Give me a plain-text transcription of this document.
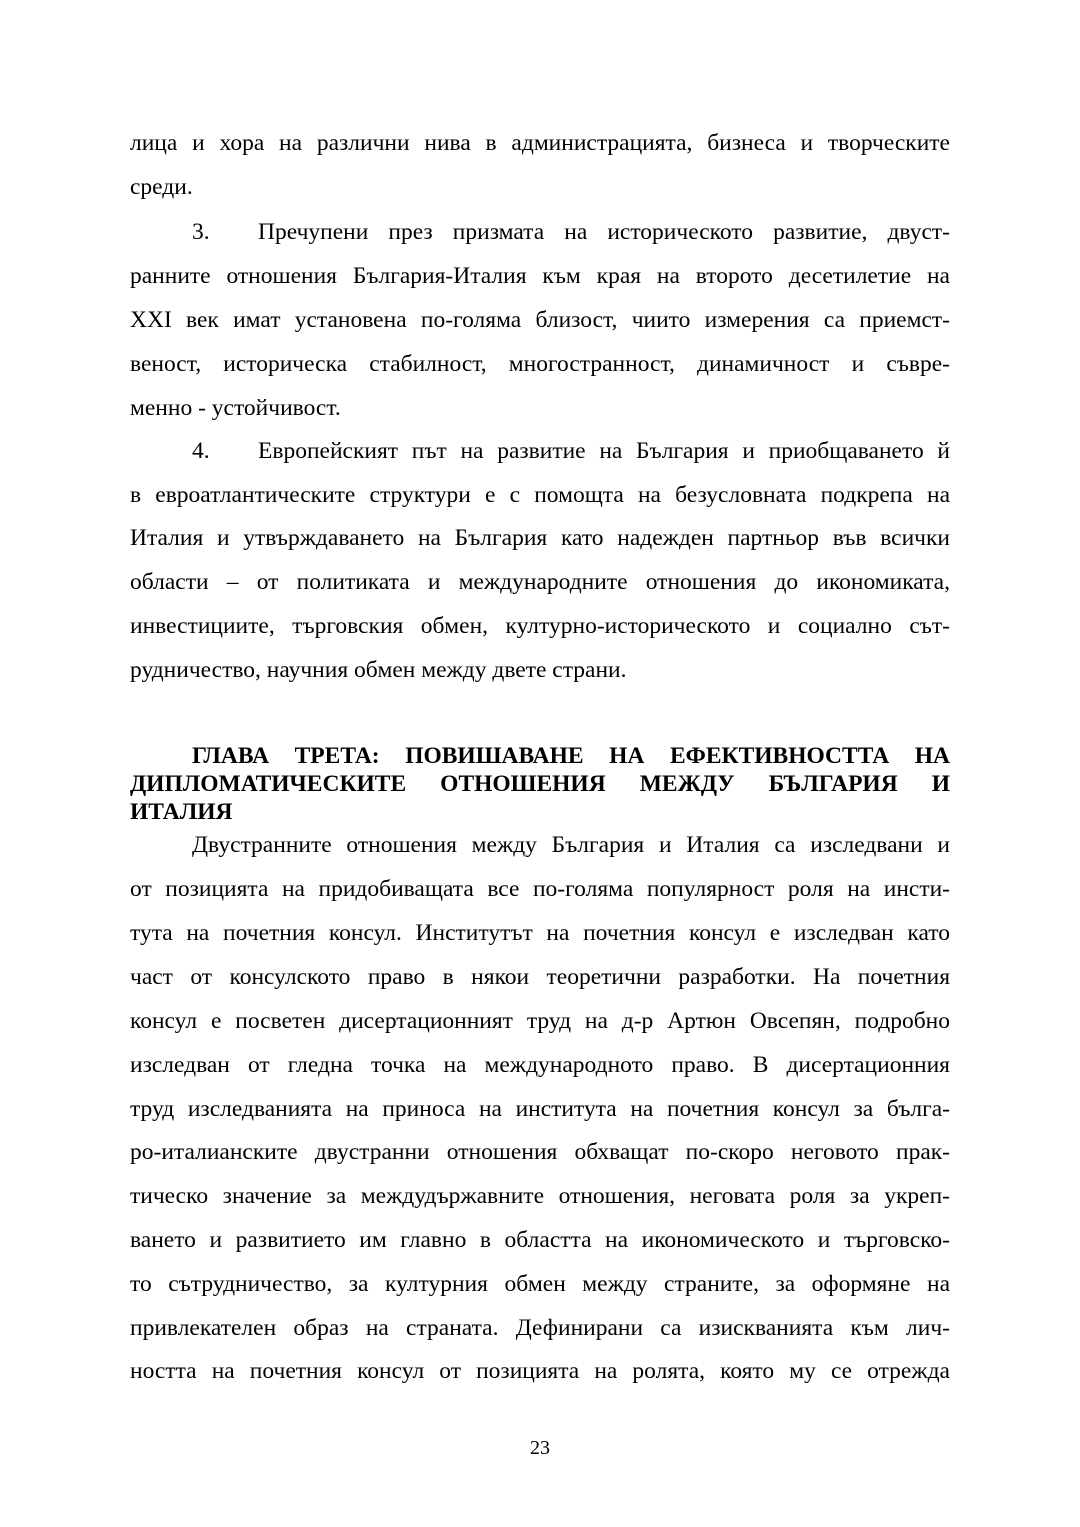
лица и хора на различни нива в администрацията, бизнеса и творческите
среди.
3. Пречупени през призмата на историческото развитие, двуст-
ранните отношения България-Италия към края на второто десетилетие на
XXI век имат установена по-голяма близост, чиито измерения са приемст-
веност, историческа стабилност, многостранност, динамичност и съвре-
менно - устойчивост.
4. Европейският път на развитие на България и приобщаването й
в евроатлантическите структури е с помощта на безусловната подкрепа на
Италия и утвърждаването на България като надежден партньор във всички
области – от политиката и международните отношения до икономиката,
инвестициите, търговския обмен, културно-историческото и социално сът-
рудничество, научния обмен между двете страни.
ГЛАВА ТРЕТА: ПОВИШАВАНЕ НА ЕФЕКТИВНОСТТА НА
ДИПЛОМАТИЧЕСКИТЕ ОТНОШЕНИЯ МЕЖДУ БЪЛГАРИЯ И
ИТАЛИЯ
Двустранните отношения между България и Италия са изследвани и
от позицията на придобиващата все по-голяма популярност роля на инсти-
тута на почетния консул. Институтът на почетния консул е изследван като
част от консулското право в някои теоретични разработки. На почетния
консул е посветен дисертационният труд на д-р Артюн Овсепян, подробно
изследван от гледна точка на международното право. В дисертационния
труд изследванията на приноса на института на почетния консул за бълга-
ро-италианските двустранни отношения обхващат по-скоро неговото прак-
тическо значение за междудържавните отношения, неговата роля за укреп-
ването и развитието им главно в областта на икономическото и търговско-
то сътрудничество, за културния обмен между страните, за оформяне на
привлекателен образ на страната. Дефинирани са изискванията към лич-
ността на почетния консул от позицията на ролята, която му се отрежда
23
